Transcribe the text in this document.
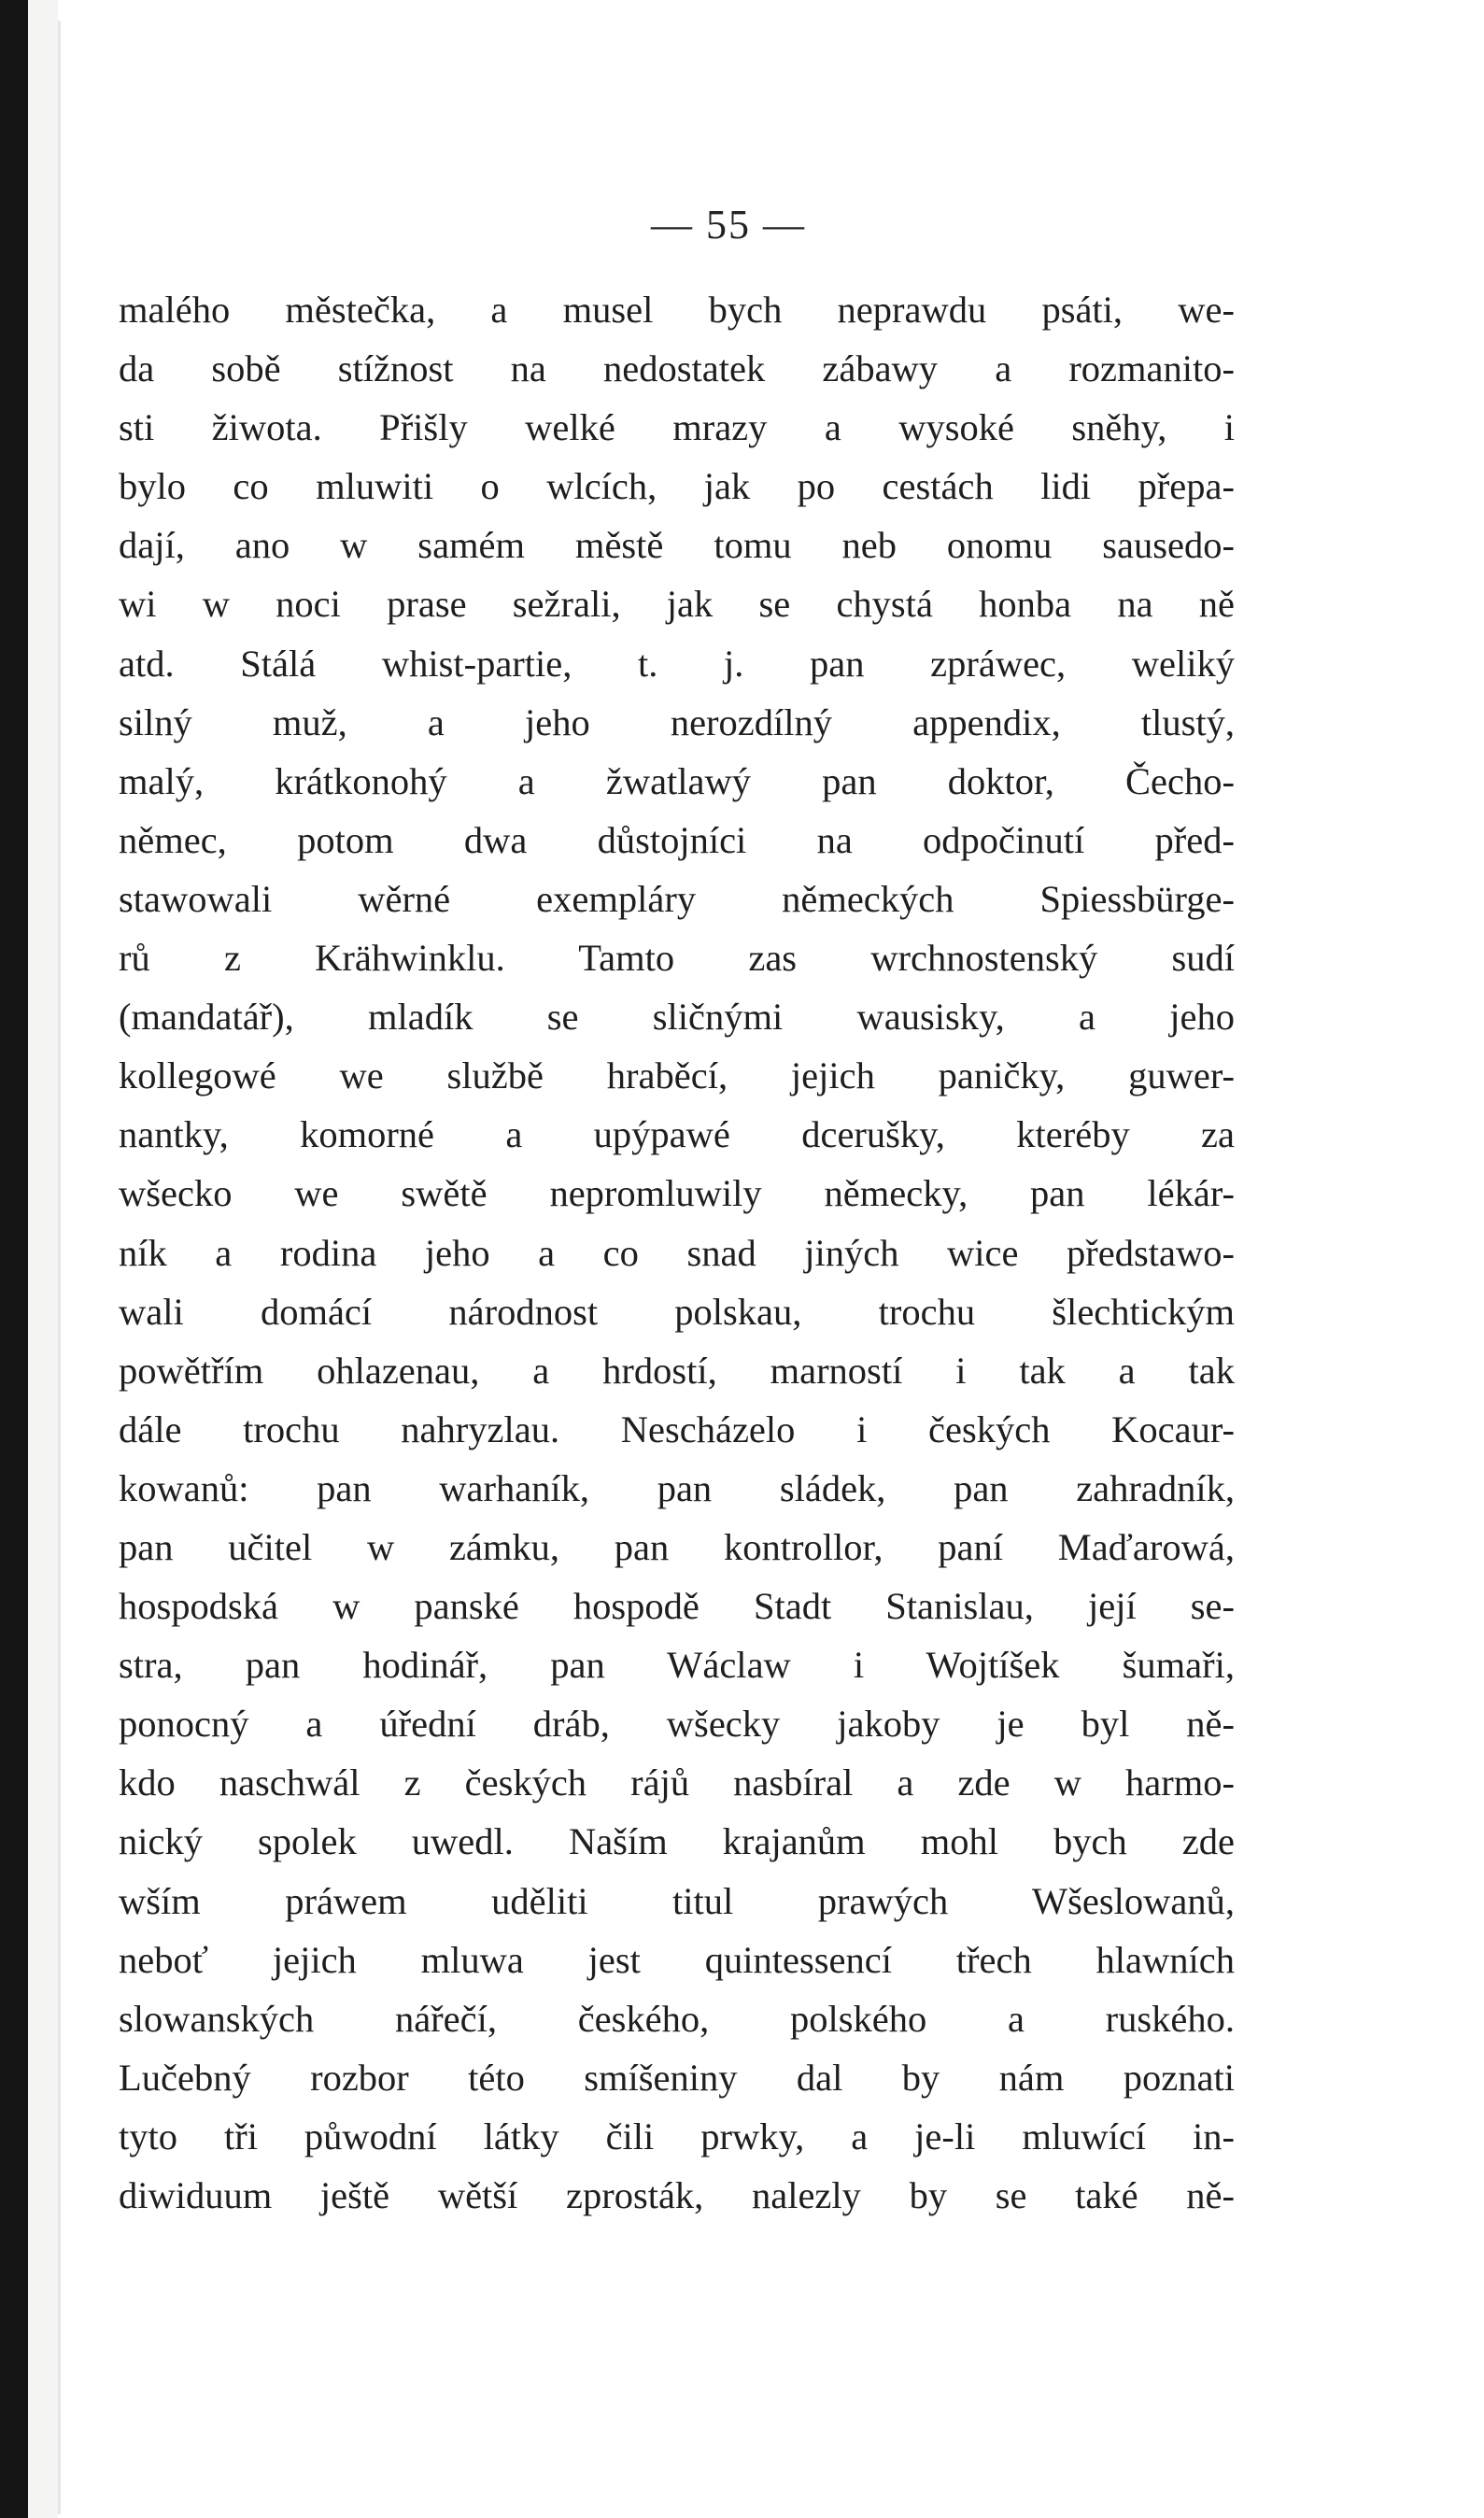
— 55 —
malého městečka, a musel bych neprawdu psáti, we-
da sobě stížnost na nedostatek zábawy a rozmanito-
sti žiwota. Přišly welké mrazy a wysoké sněhy, i
bylo co mluwiti o wlcích, jak po cestách lidi přepa-
dají, ano w samém městě tomu neb onomu sausedo-
wi w noci prase sežrali, jak se chystá honba na ně
atd. Stálá whist-partie, t. j. pan zpráwec, weliký
silný muž, a jeho nerozdílný appendix, tlustý,
malý, krátkonohý a žwatlawý pan doktor, Čecho-
němec, potom dwa důstojníci na odpočinutí před-
stawowali wěrné exempláry německých Spiessbürge-
rů z Krähwinklu. Tamto zas wrchnostenský sudí
(mandatář), mladík se sličnými wausisky, a jeho
kollegowé we službě hraběcí, jejich paničky, guwer-
nantky, komorné a upýpawé dcerušky, kteréby za
wšecko we swětě nepromluwily německy, pan lékár-
ník a rodina jeho a co snad jiných wice předstawo-
wali domácí národnost polskau, trochu šlechtickým
powětřím ohlazenau, a hrdostí, marností i tak a tak
dále trochu nahryzlau. Nescházelo i českých Kocaur-
kowanů: pan warhaník, pan sládek, pan zahradník,
pan učitel w zámku, pan kontrollor, paní Maďarowá,
hospodská w panské hospodě Stadt Stanislau, její se-
stra, pan hodinář, pan Wáclaw i Wojtíšek šumaři,
ponocný a úřední dráb, wšecky jakoby je byl ně-
kdo naschwál z českých rájů nasbíral a zde w harmo-
nický spolek uwedl. Naším krajanům mohl bych zde
wším práwem uděliti titul prawých Wšeslowanů,
neboť jejich mluwa jest quintessencí třech hlawních
slowanských nářečí, českého, polského a ruského.
Lučebný rozbor této smíšeniny dal by nám poznati
tyto tři půwodní látky čili prwky, a je-li mluwící in-
diwiduum ještě wětší zprosták, nalezly by se také ně-
